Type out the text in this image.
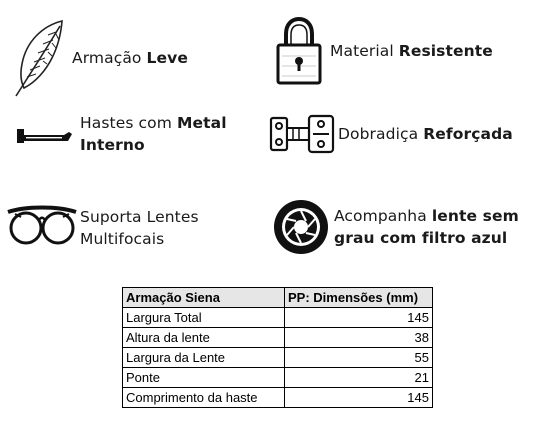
Armação Leve	Material Resistente
Hastes com Metal Interno
Dobradiça Reforçada
Suporta Lentes Multifocais
Acompanha lente sem grau com filtro azul
Armação Siena	PP: Dimensões (mm)
Largura Total	145
Altura da lente	38
Largura da Lente	55
Ponte	21
Comprimento da haste	145
